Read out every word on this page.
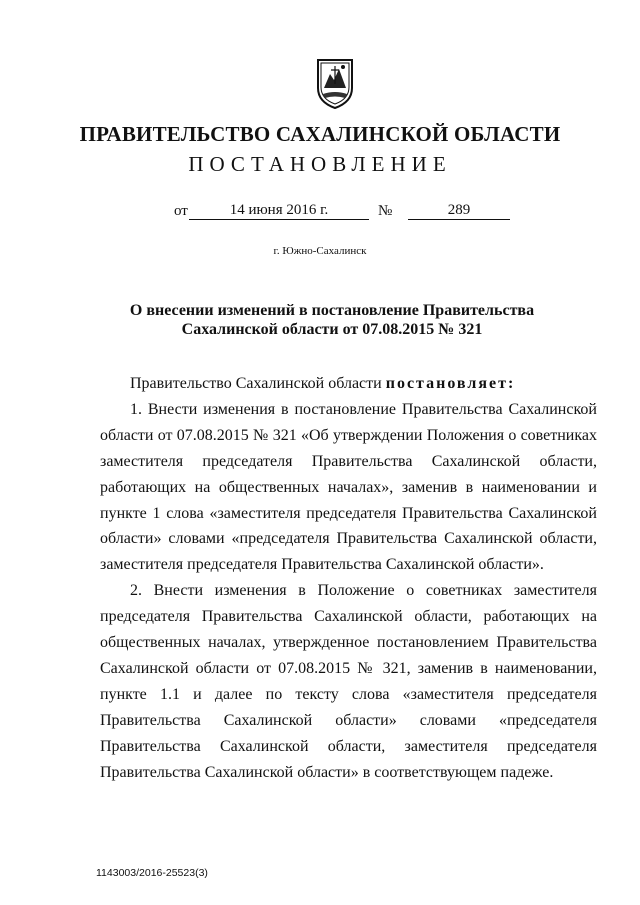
ПРАВИТЕЛЬСТВО САХАЛИНСКОЙ ОБЛАСТИ
ПОСТАНОВЛЕНИЕ
от	14 июня 2016 г.	№	289
г. Южно-Сахалинск
О внесении изменений в постановление Правительства
Сахалинской области от 07.08.2015 № 321

Правительство Сахалинской области постановляет:

1. Внести изменения в постановление Правительства Сахалинской области от 07.08.2015 № 321 «Об утверждении Положения о советниках заместителя председателя Правительства Сахалинской области, работающих на общественных началах», заменив в наименовании и пункте 1 слова «заместителя председателя Правительства Сахалинской области» словами «председателя Правительства Сахалинской области, заместителя председателя Правительства Сахалинской области».

2. Внести изменения в Положение о советниках заместителя председателя Правительства Сахалинской области, работающих на общественных началах, утвержденное постановлением Правительства Сахалинской области от 07.08.2015 № 321, заменив в наименовании, пункте 1.1 и далее по тексту слова «заместителя председателя Правительства Сахалинской области» словами «председателя Правительства Сахалинской области, заместителя председателя Правительства Сахалинской области» в соответствующем падеже.

1143003/2016-25523(3)
